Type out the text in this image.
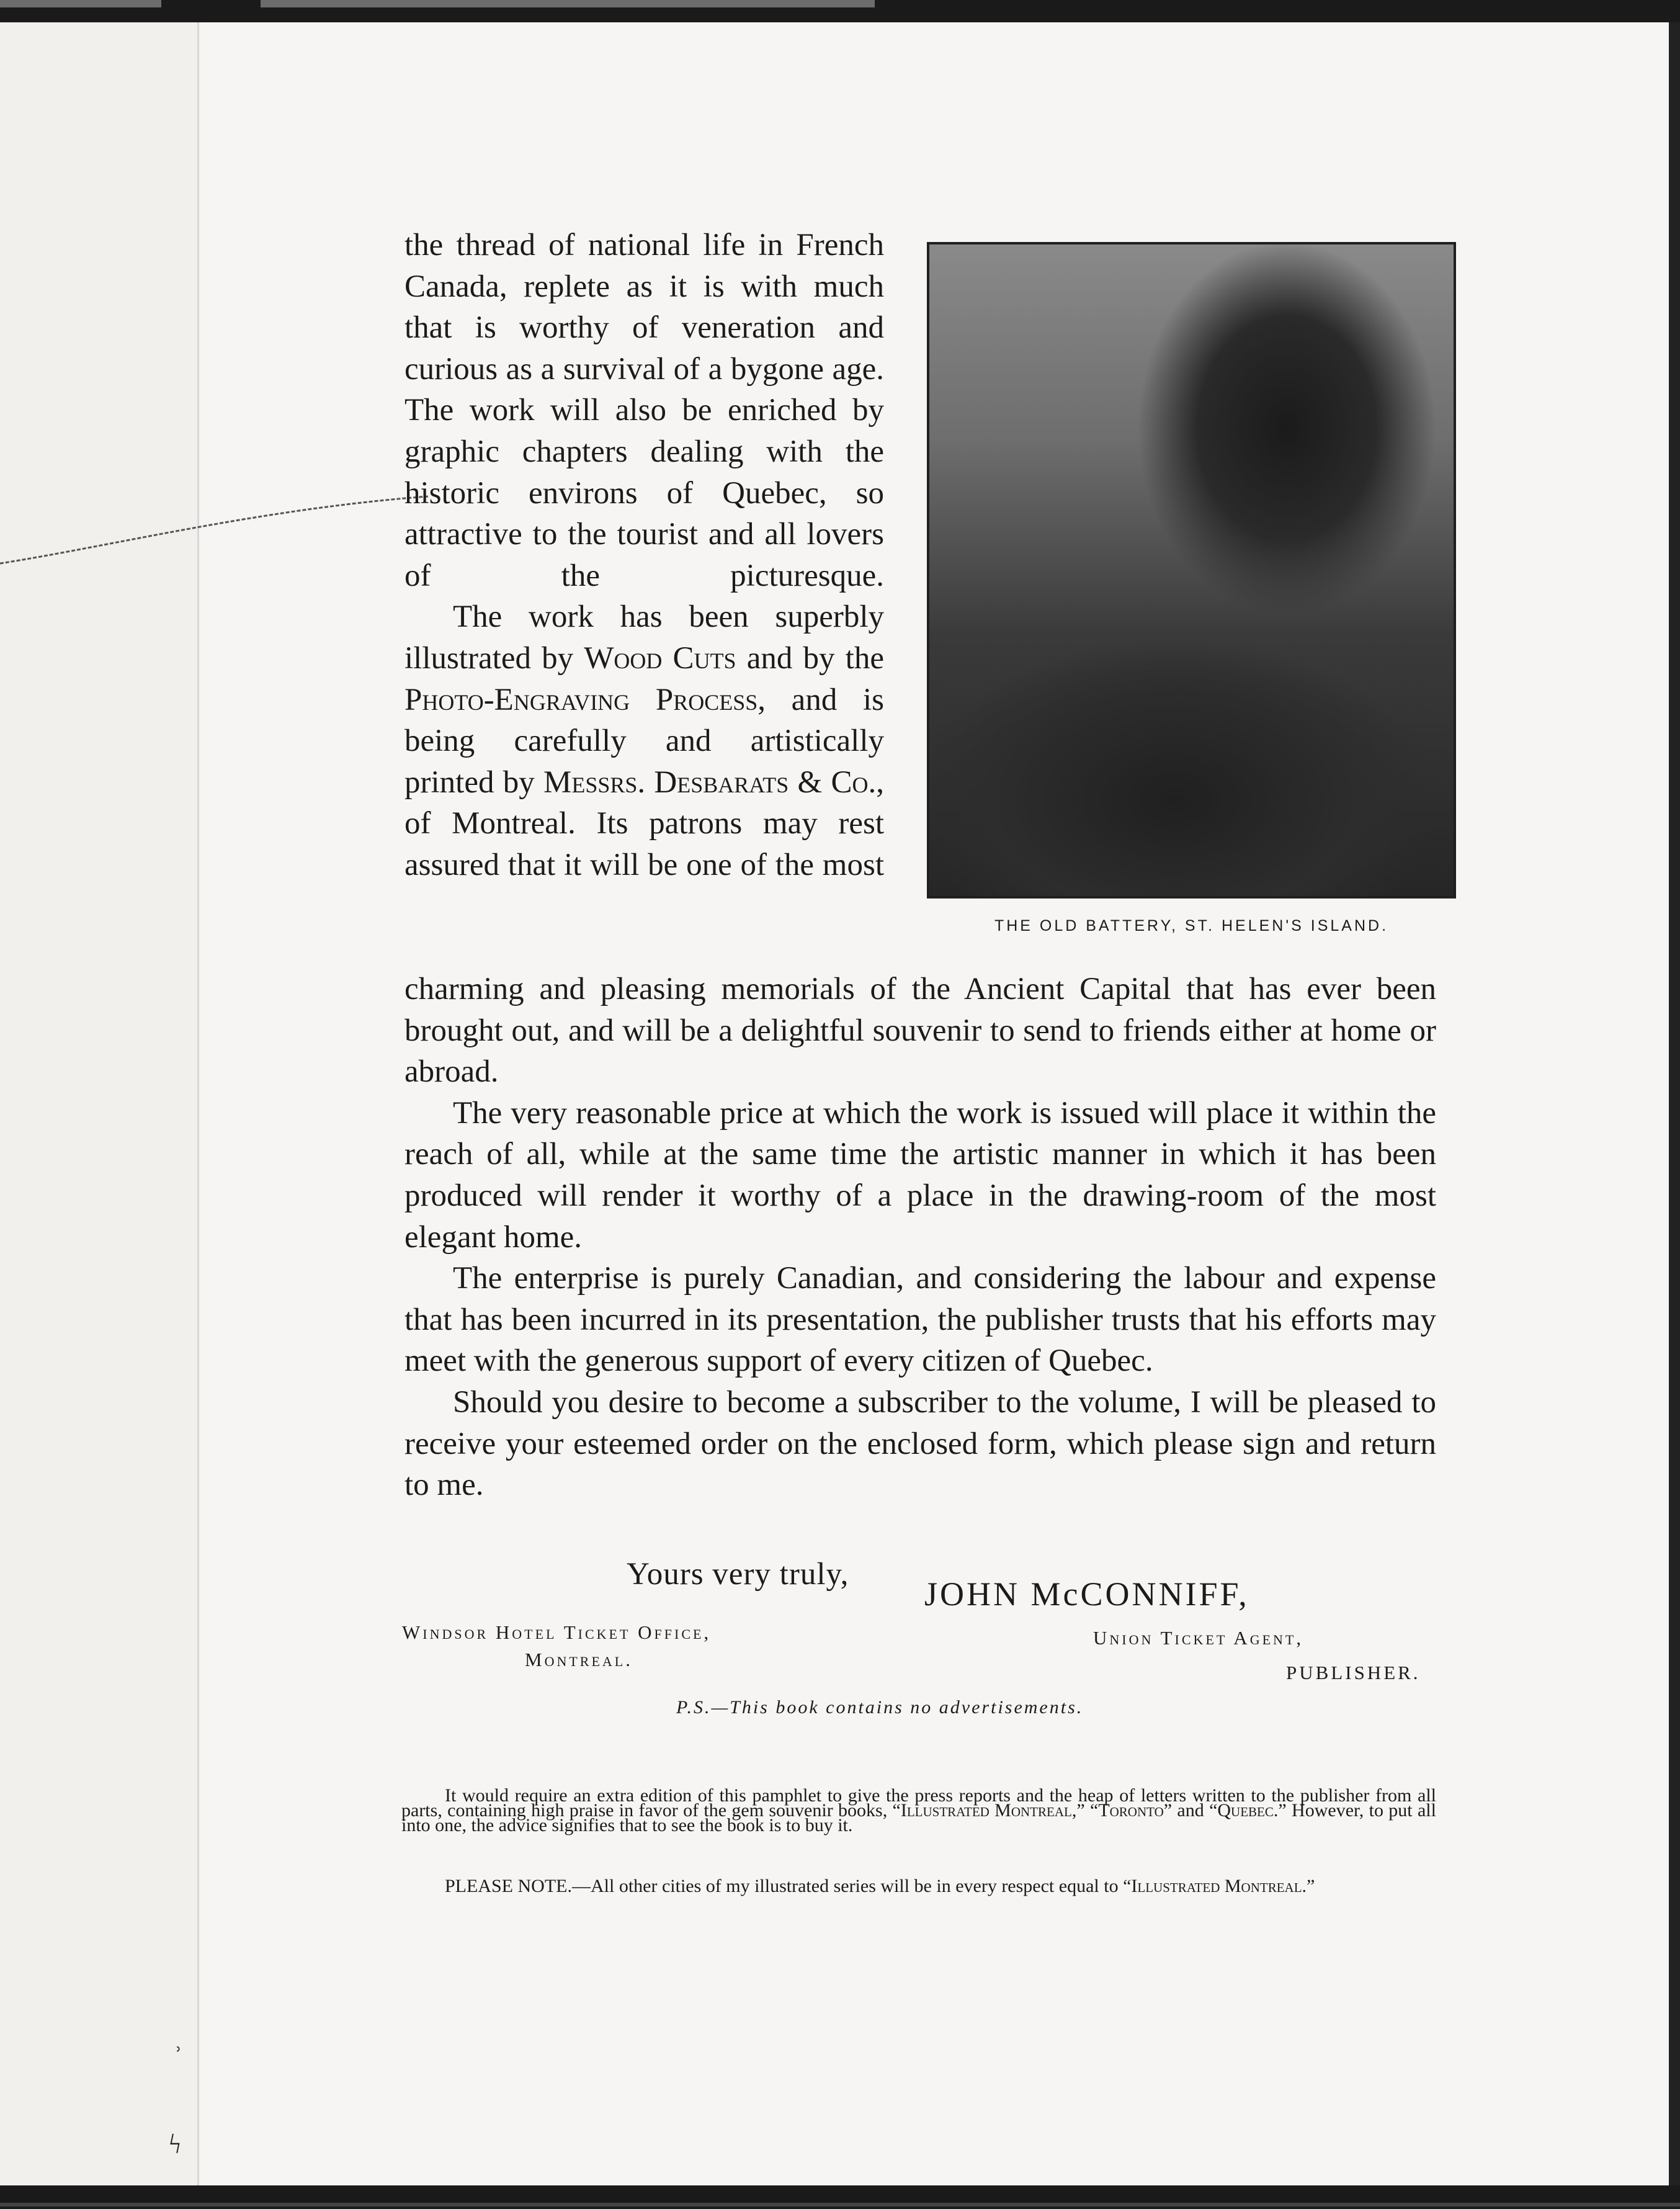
the thread of national life in French Canada, replete as it is with much that is worthy of veneration and curious as a survival of a bygone age. The work will also be enriched by graphic chapters dealing with the historic environs of Quebec, so attractive to the tourist and all lovers of the picturesque.

The work has been superbly illustrated by Wood Cuts and by the Photo-Engraving Process, and is being carefully and artistically printed by Messrs. Desbarats & Co., of Montreal. Its patrons may rest assured that it will be one of the most

THE OLD BATTERY, ST. HELEN'S ISLAND.

charming and pleasing memorials of the Ancient Capital that has ever been brought out, and will be a delightful souvenir to send to friends either at home or abroad.

The very reasonable price at which the work is issued will place it within the reach of all, while at the same time the artistic manner in which it has been produced will render it worthy of a place in the drawing-room of the most elegant home.

The enterprise is purely Canadian, and considering the labour and expense that has been incurred in its presentation, the publisher trusts that his efforts may meet with the generous support of every citizen of Quebec.

Should you desire to become a subscriber to the volume, I will be pleased to receive your esteemed order on the enclosed form, which please sign and return to me.

Yours very truly,
JOHN McCONNIFF,
Windsor Hotel Ticket Office,
Montreal.
Union Ticket Agent,
PUBLISHER.
P.S.—This book contains no advertisements.

It would require an extra edition of this pamphlet to give the press reports and the heap of letters written to the publisher from all parts, containing high praise in favor of the gem souvenir books, “Illustrated Montreal,” “Toronto” and “Quebec.” However, to put all into one, the advice signifies that to see the book is to buy it.

PLEASE NOTE.—All other cities of my illustrated series will be in every respect equal to “Illustrated Montreal.”

ʾ
ϟ
